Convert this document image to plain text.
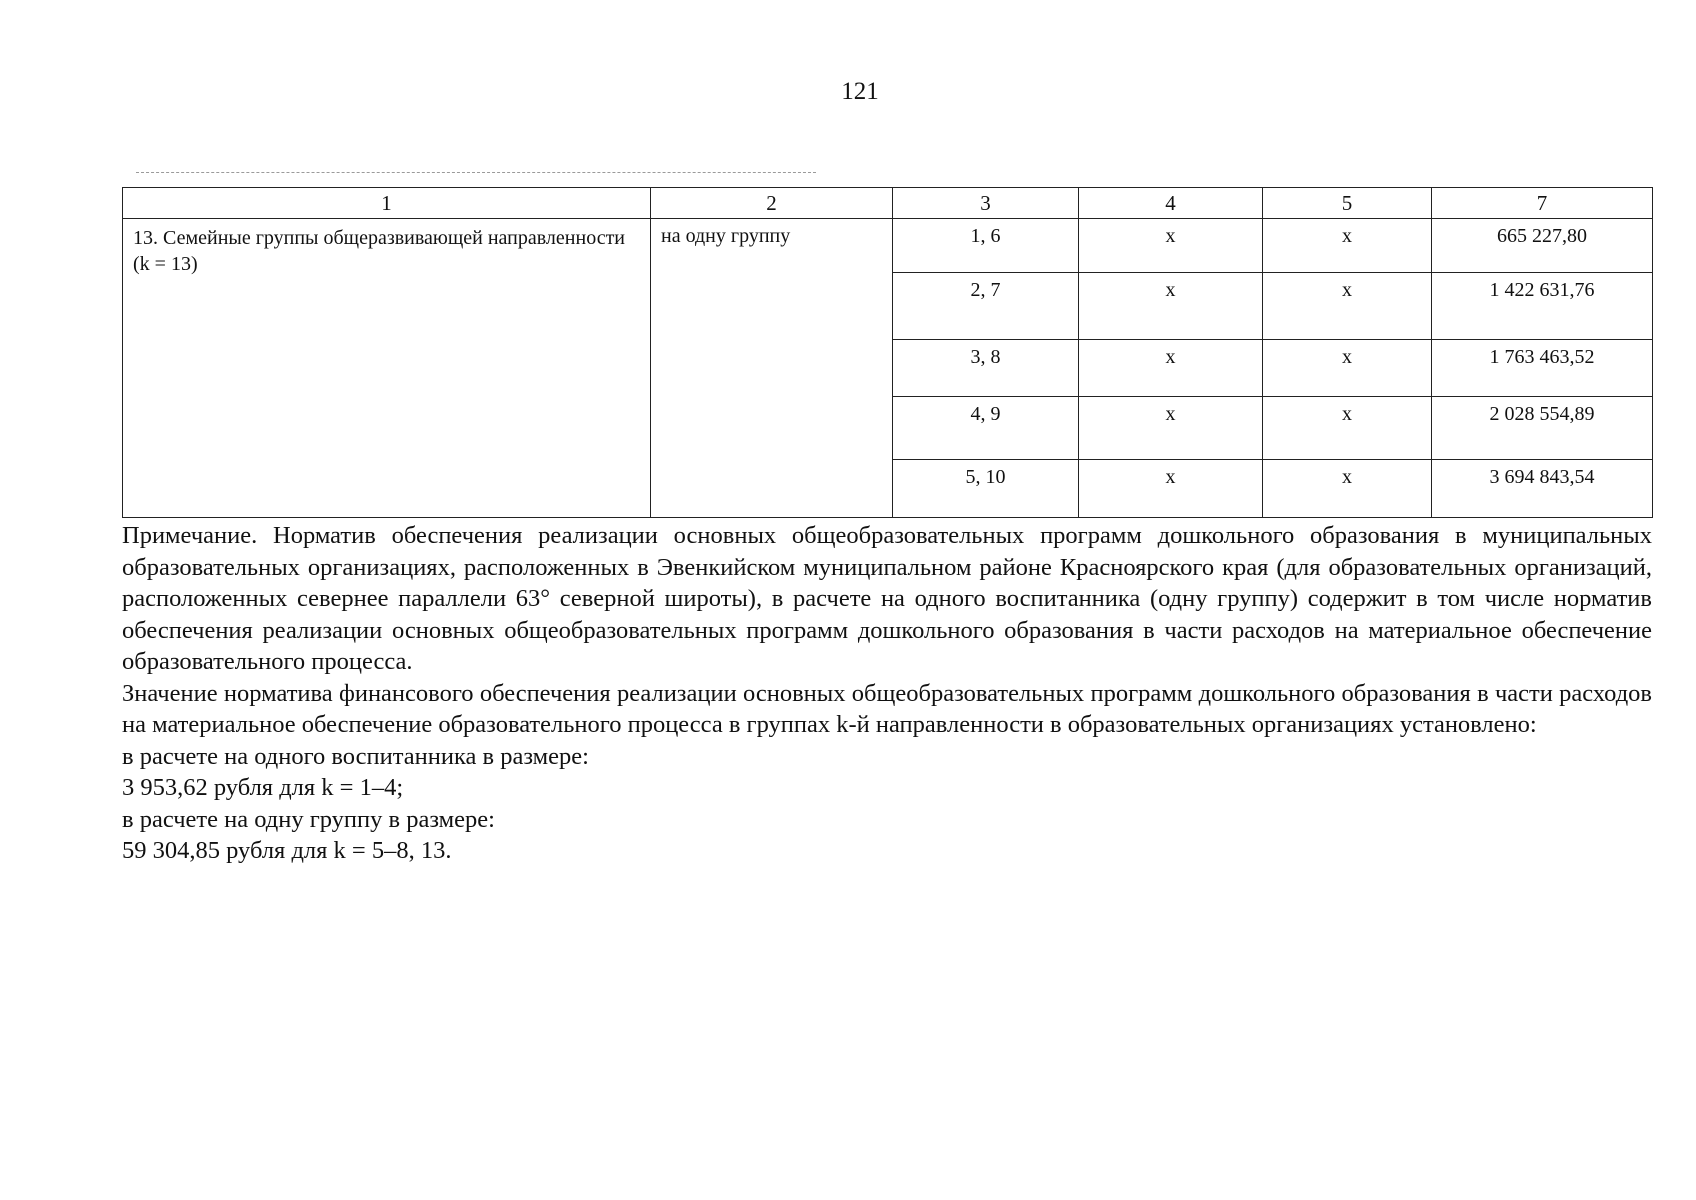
121
1	2	3	4	5	7
13. Семейные группы общеразвивающей направленности (k = 13)	на одну группу	1, 6	x	x	665 227,80
		2, 7	x	x	1 422 631,76
		3, 8	x	x	1 763 463,52
		4, 9	x	x	2 028 554,89
		5, 10	x	x	3 694 843,54

Примечание. Норматив обеспечения реализации основных общеобразовательных программ дошкольного образования в муниципальных образовательных организациях, расположенных в Эвенкийском муниципальном районе Красноярского края (для образовательных организаций, расположенных севернее параллели 63° северной широты), в расчете на одного воспитанника (одну группу) содержит в том числе норматив обеспечения реализации основных общеобразовательных программ дошкольного образования в части расходов на материальное обеспечение образовательного процесса.

Значение норматива финансового обеспечения реализации основных общеобразовательных программ дошкольного образования в части расходов на материальное обеспечение образовательного процесса в группах k-й направленности в образовательных организациях установлено:

в расчете на одного воспитанника в размере:

3 953,62 рубля для k = 1–4;

в расчете на одну группу в размере:

59 304,85 рубля для k = 5–8, 13.
